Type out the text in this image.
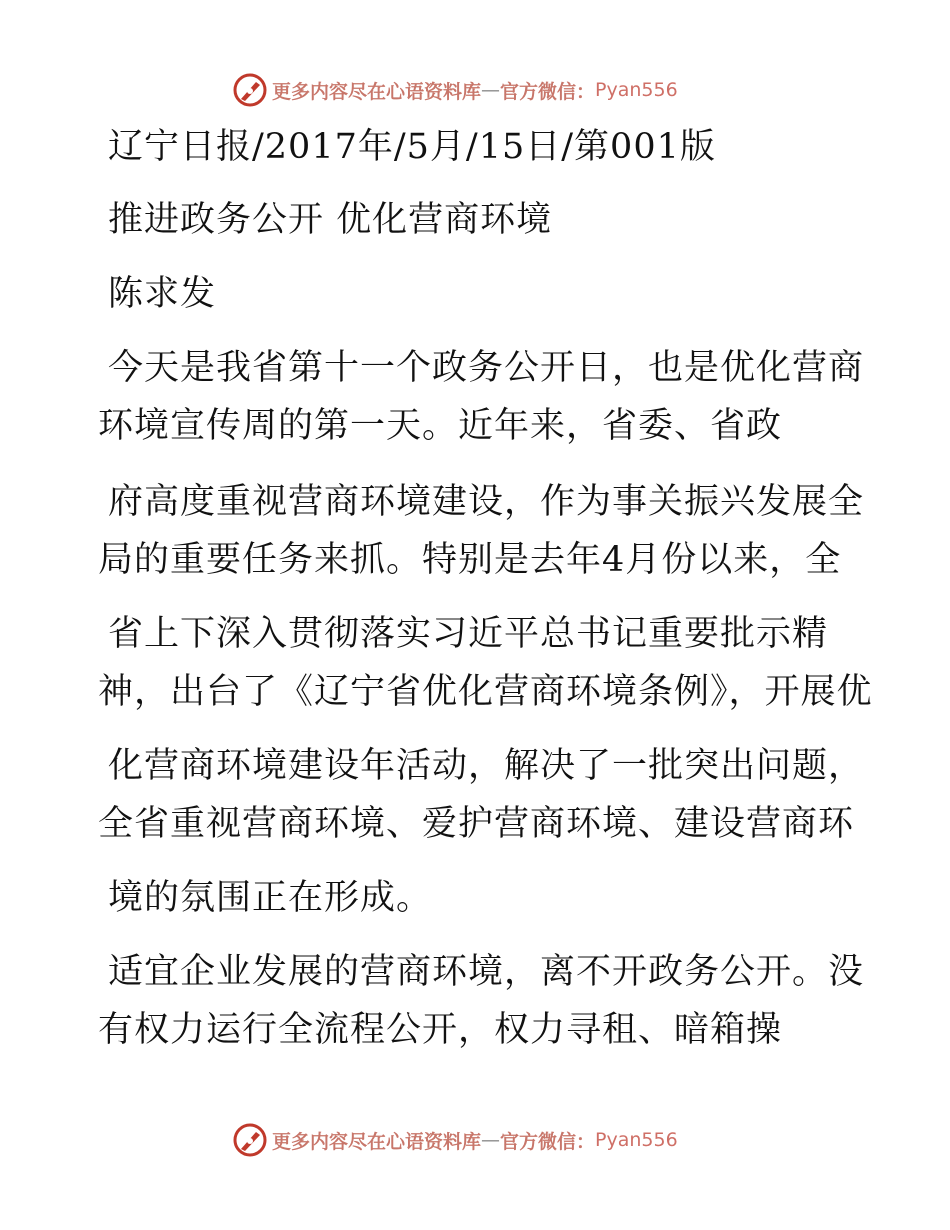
更多内容尽在心语资料库 — 官方微信： Pyan556
辽宁日报/2017年/5月/15日/第001版
推进政务公开 优化营商环境
陈求发
今天是我省第十一个政务公开日，也是优化营商
环境宣传周的第一天。近年来，省委、省政
府高度重视营商环境建设，作为事关振兴发展全
局的重要任务来抓。特别是去年4月份以来，全
省上下深入贯彻落实习近平总书记重要批示精
神，出台了《辽宁省优化营商环境条例》，开展优
化营商环境建设年活动，解决了一批突出问题，
全省重视营商环境、爱护营商环境、建设营商环
境的氛围正在形成。
适宜企业发展的营商环境，离不开政务公开。没
有权力运行全流程公开，权力寻租、暗箱操
更多内容尽在心语资料库 — 官方微信： Pyan556
